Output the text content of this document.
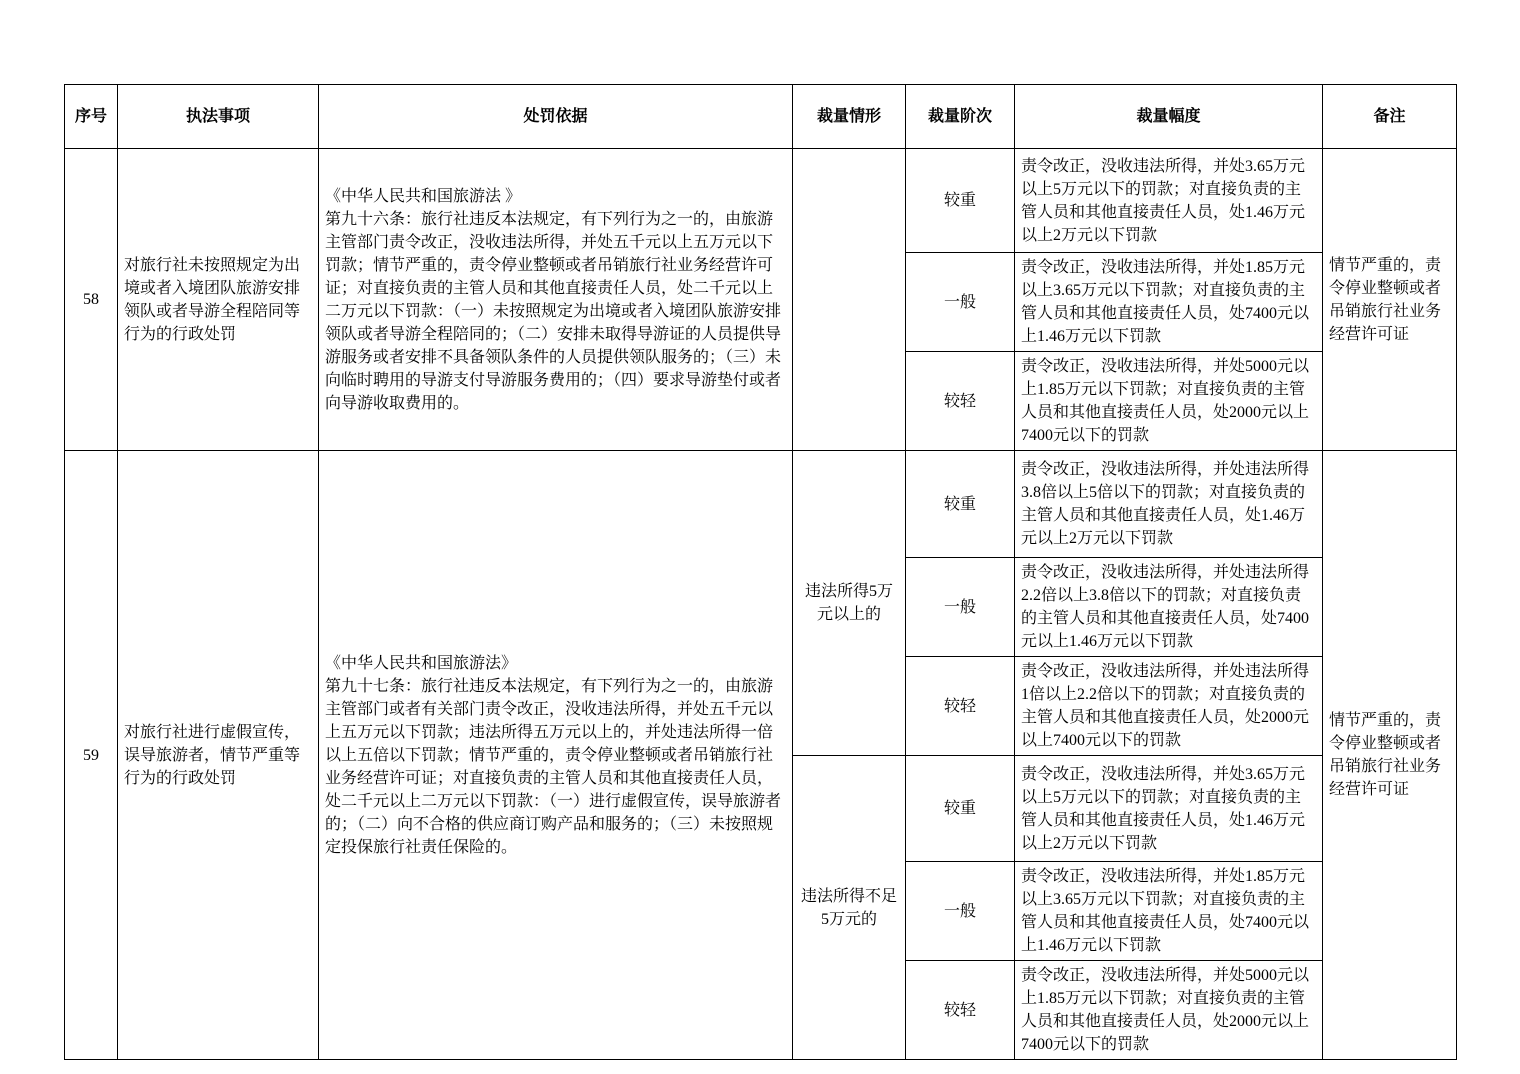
序号	执法事项	处罚依据	裁量情形	裁量阶次	裁量幅度	备注
58	对旅行社未按照规定为出境或者入境团队旅游安排领队或者导游全程陪同等行为的行政处罚	《中华人民共和国旅游法 》
第九十六条：旅行社违反本法规定，有下列行为之一的，由旅游主管部门责令改正，没收违法所得，并处五千元以上五万元以下罚款；情节严重的，责令停业整顿或者吊销旅行社业务经营许可证；对直接负责的主管人员和其他直接责任人员，处二千元以上二万元以下罚款：（一）未按照规定为出境或者入境团队旅游安排领队或者导游全程陪同的；（二）安排未取得导游证的人员提供导游服务或者安排不具备领队条件的人员提供领队服务的；（三）未向临时聘用的导游支付导游服务费用的；（四）要求导游垫付或者向导游收取费用的。		较重	责令改正，没收违法所得，并处3.65万元以上5万元以下的罚款；对直接负责的主管人员和其他直接责任人员，处1.46万元以上2万元以下罚款	情节严重的，责令停业整顿或者吊销旅行社业务经营许可证
				一般	责令改正，没收违法所得，并处1.85万元以上3.65万元以下罚款；对直接负责的主管人员和其他直接责任人员，处7400元以上1.46万元以下罚款	
				较轻	责令改正，没收违法所得，并处5000元以上1.85万元以下罚款；对直接负责的主管人员和其他直接责任人员，处2000元以上7400元以下的罚款	
59	对旅行社进行虚假宣传，误导旅游者，情节严重等行为的行政处罚	《中华人民共和国旅游法》
第九十七条：旅行社违反本法规定，有下列行为之一的，由旅游主管部门或者有关部门责令改正，没收违法所得，并处五千元以上五万元以下罚款；违法所得五万元以上的，并处违法所得一倍以上五倍以下罚款；情节严重的，责令停业整顿或者吊销旅行社业务经营许可证；对直接负责的主管人员和其他直接责任人员，处二千元以上二万元以下罚款：（一）进行虚假宣传，误导旅游者的；（二）向不合格的供应商订购产品和服务的；（三）未按照规定投保旅行社责任保险的。	违法所得5万元以上的	较重	责令改正，没收违法所得，并处违法所得3.8倍以上5倍以下的罚款；对直接负责的主管人员和其他直接责任人员，处1.46万元以上2万元以下罚款	情节严重的，责令停业整顿或者吊销旅行社业务经营许可证
				一般	责令改正，没收违法所得，并处违法所得2.2倍以上3.8倍以下的罚款；对直接负责的主管人员和其他直接责任人员，处7400元以上1.46万元以下罚款	
				较轻	责令改正，没收违法所得，并处违法所得1倍以上2.2倍以下的罚款；对直接负责的主管人员和其他直接责任人员，处2000元以上7400元以下的罚款	
			违法所得不足5万元的	较重	责令改正，没收违法所得，并处3.65万元以上5万元以下的罚款；对直接负责的主管人员和其他直接责任人员，处1.46万元以上2万元以下罚款	
				一般	责令改正，没收违法所得，并处1.85万元以上3.65万元以下罚款；对直接负责的主管人员和其他直接责任人员，处7400元以上1.46万元以下罚款	
				较轻	责令改正，没收违法所得，并处5000元以上1.85万元以下罚款；对直接负责的主管人员和其他直接责任人员，处2000元以上7400元以下的罚款	
